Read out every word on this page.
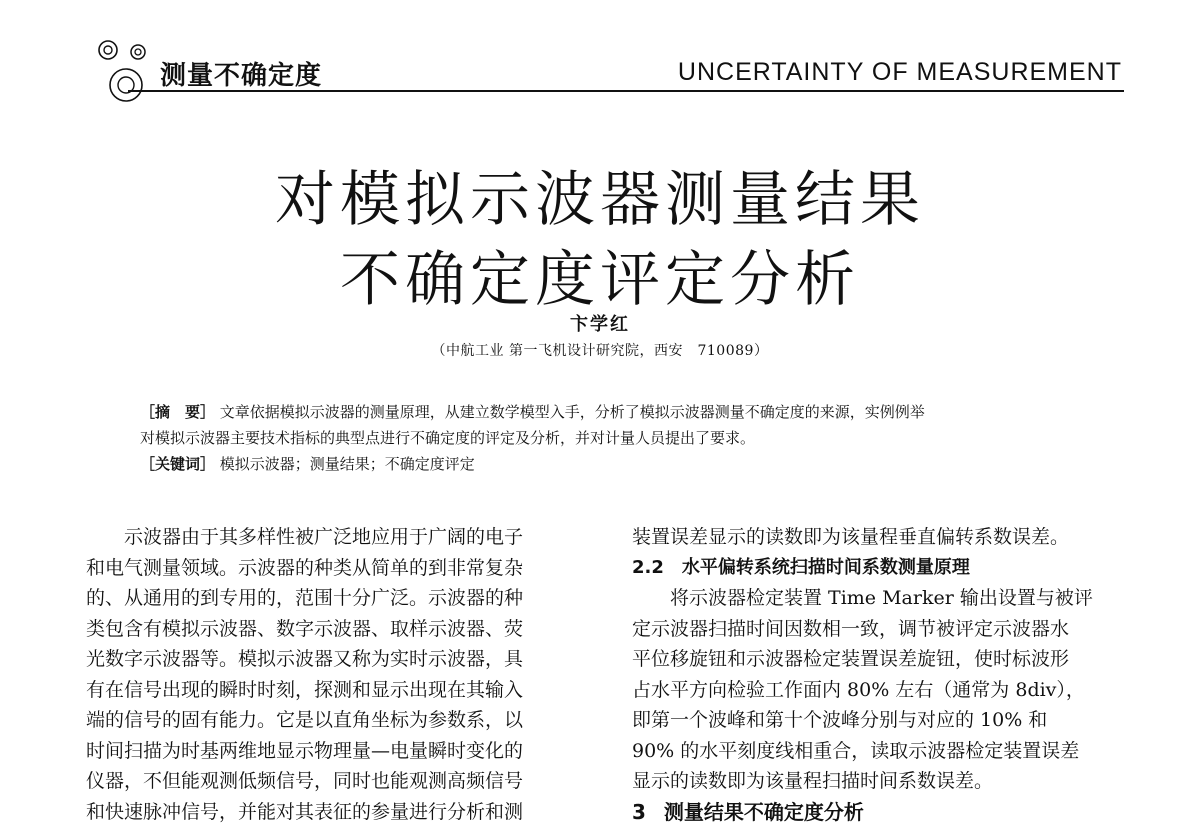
测量不确定度	UNCERTAINTY OF MEASUREMENT
对模拟示波器测量结果
不确定度评定分析
卞学红
（中航工业 第一飞机设计研究院，西安　710089）
［摘　要］ 文章依据模拟示波器的测量原理，从建立数学模型入手，分析了模拟示波器测量不确定度的来源，实例例举
对模拟示波器主要技术指标的典型点进行不确定度的评定及分析，并对计量人员提出了要求。
［关键词］ 模拟示波器；测量结果；不确定度评定
示波器由于其多样性被广泛地应用于广阔的电子
和电气测量领域。示波器的种类从简单的到非常复杂
的、从通用的到专用的，范围十分广泛。示波器的种
类包含有模拟示波器、数字示波器、取样示波器、荧
光数字示波器等。模拟示波器又称为实时示波器，具
有在信号出现的瞬时时刻，探测和显示出现在其输入
端的信号的固有能力。它是以直角坐标为参数系，以
时间扫描为时基两维地显示物理量—电量瞬时变化的
仪器，不但能观测低频信号，同时也能观测高频信号
和快速脉冲信号，并能对其表征的参量进行分析和测
装置误差显示的读数即为该量程垂直偏转系数误差。
2.2 水平偏转系统扫描时间系数测量原理
将示波器检定装置 Time Marker 输出设置与被评
定示波器扫描时间因数相一致，调节被评定示波器水
平位移旋钮和示波器检定装置误差旋钮，使时标波形
占水平方向检验工作面内 80% 左右（通常为 8div），
即第一个波峰和第十个波峰分别与对应的 10% 和
90% 的水平刻度线相重合，读取示波器检定装置误差
显示的读数即为该量程扫描时间系数误差。
3 测量结果不确定度分析
